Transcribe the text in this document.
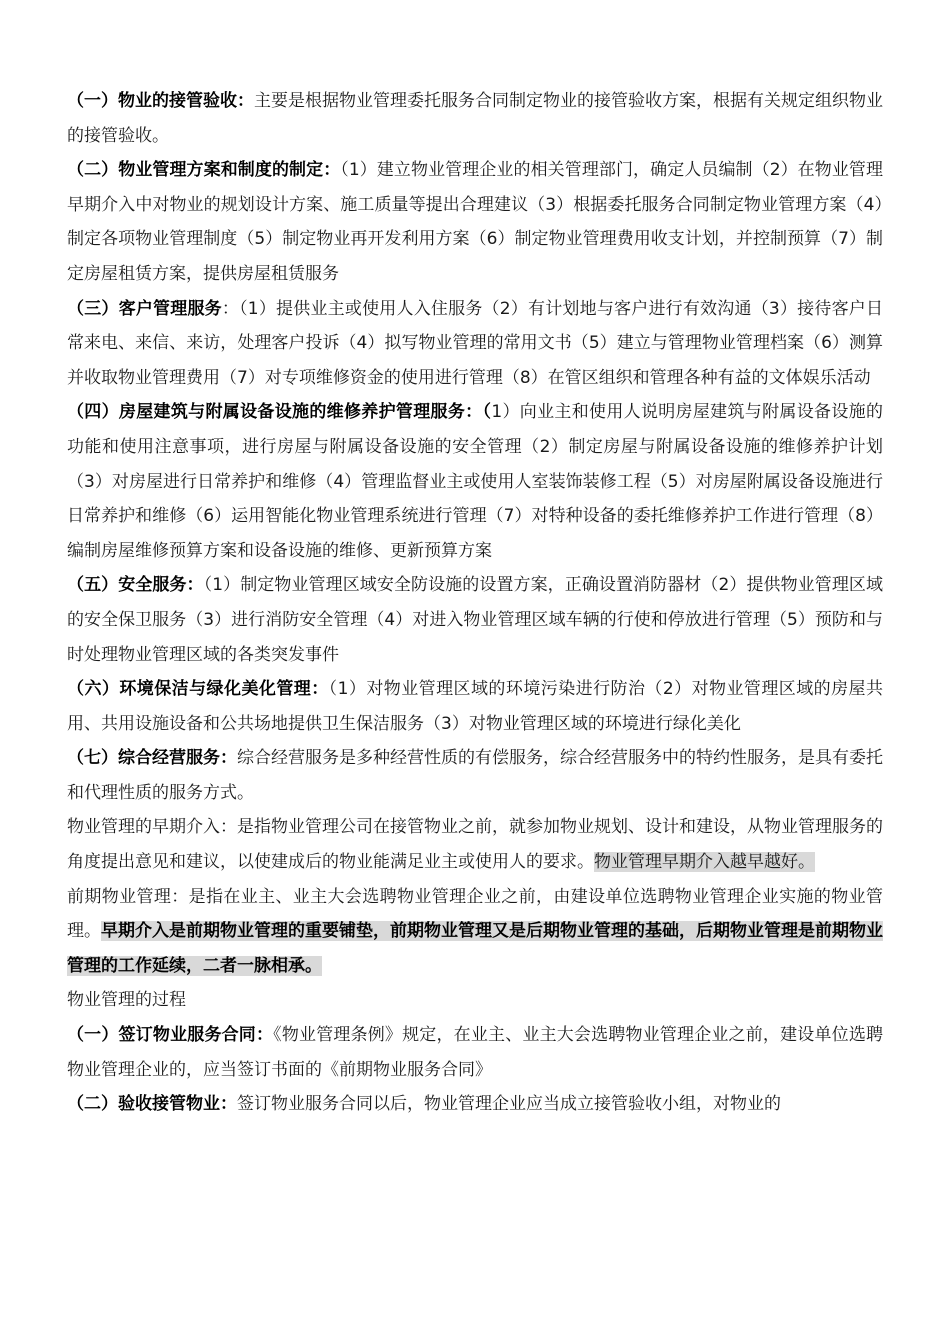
（一）物业的接管验收：主要是根据物业管理委托服务合同制定物业的接管验收方案，根据有关规定组织物业的接管验收。

（二）物业管理方案和制度的制定：（1）建立物业管理企业的相关管理部门，确定人员编制（2）在物业管理早期介入中对物业的规划设计方案、施工质量等提出合理建议（3）根据委托服务合同制定物业管理方案（4）制定各项物业管理制度（5）制定物业再开发利用方案（6）制定物业管理费用收支计划，并控制预算（7）制定房屋租赁方案，提供房屋租赁服务

（三）客户管理服务：（1）提供业主或使用人入住服务（2）有计划地与客户进行有效沟通（3）接待客户日常来电、来信、来访，处理客户投诉（4）拟写物业管理的常用文书（5）建立与管理物业管理档案（6）测算并收取物业管理费用（7）对专项维修资金的使用进行管理（8）在管区组织和管理各种有益的文体娱乐活动

（四）房屋建筑与附属设备设施的维修养护管理服务：（1）向业主和使用人说明房屋建筑与附属设备设施的功能和使用注意事项，进行房屋与附属设备设施的安全管理（2）制定房屋与附属设备设施的维修养护计划（3）对房屋进行日常养护和维修（4）管理监督业主或使用人室装饰装修工程（5）对房屋附属设备设施进行日常养护和维修（6）运用智能化物业管理系统进行管理（7）对特种设备的委托维修养护工作进行管理（8）编制房屋维修预算方案和设备设施的维修、更新预算方案

（五）安全服务：（1）制定物业管理区域安全防设施的设置方案，正确设置消防器材（2）提供物业管理区域的安全保卫服务（3）进行消防安全管理（4）对进入物业管理区域车辆的行使和停放进行管理（5）预防和与时处理物业管理区域的各类突发事件

（六）环境保洁与绿化美化管理：（1）对物业管理区域的环境污染进行防治（2）对物业管理区域的房屋共用、共用设施设备和公共场地提供卫生保洁服务（3）对物业管理区域的环境进行绿化美化

（七）综合经营服务：综合经营服务是多种经营性质的有偿服务，综合经营服务中的特约性服务，是具有委托和代理性质的服务方式。

物业管理的早期介入：是指物业管理公司在接管物业之前，就参加物业规划、设计和建设，从物业管理服务的角度提出意见和建议，以使建成后的物业能满足业主或使用人的要求。物业管理早期介入越早越好。

前期物业管理：是指在业主、业主大会选聘物业管理企业之前，由建设单位选聘物业管理企业实施的物业管理。早期介入是前期物业管理的重要铺垫，前期物业管理又是后期物业管理的基础，后期物业管理是前期物业管理的工作延续，二者一脉相承。

物业管理的过程

（一）签订物业服务合同：《物业管理条例》规定，在业主、业主大会选聘物业管理企业之前，建设单位选聘物业管理企业的，应当签订书面的《前期物业服务合同》

（二）验收接管物业：签订物业服务合同以后，物业管理企业应当成立接管验收小组，对物业的
